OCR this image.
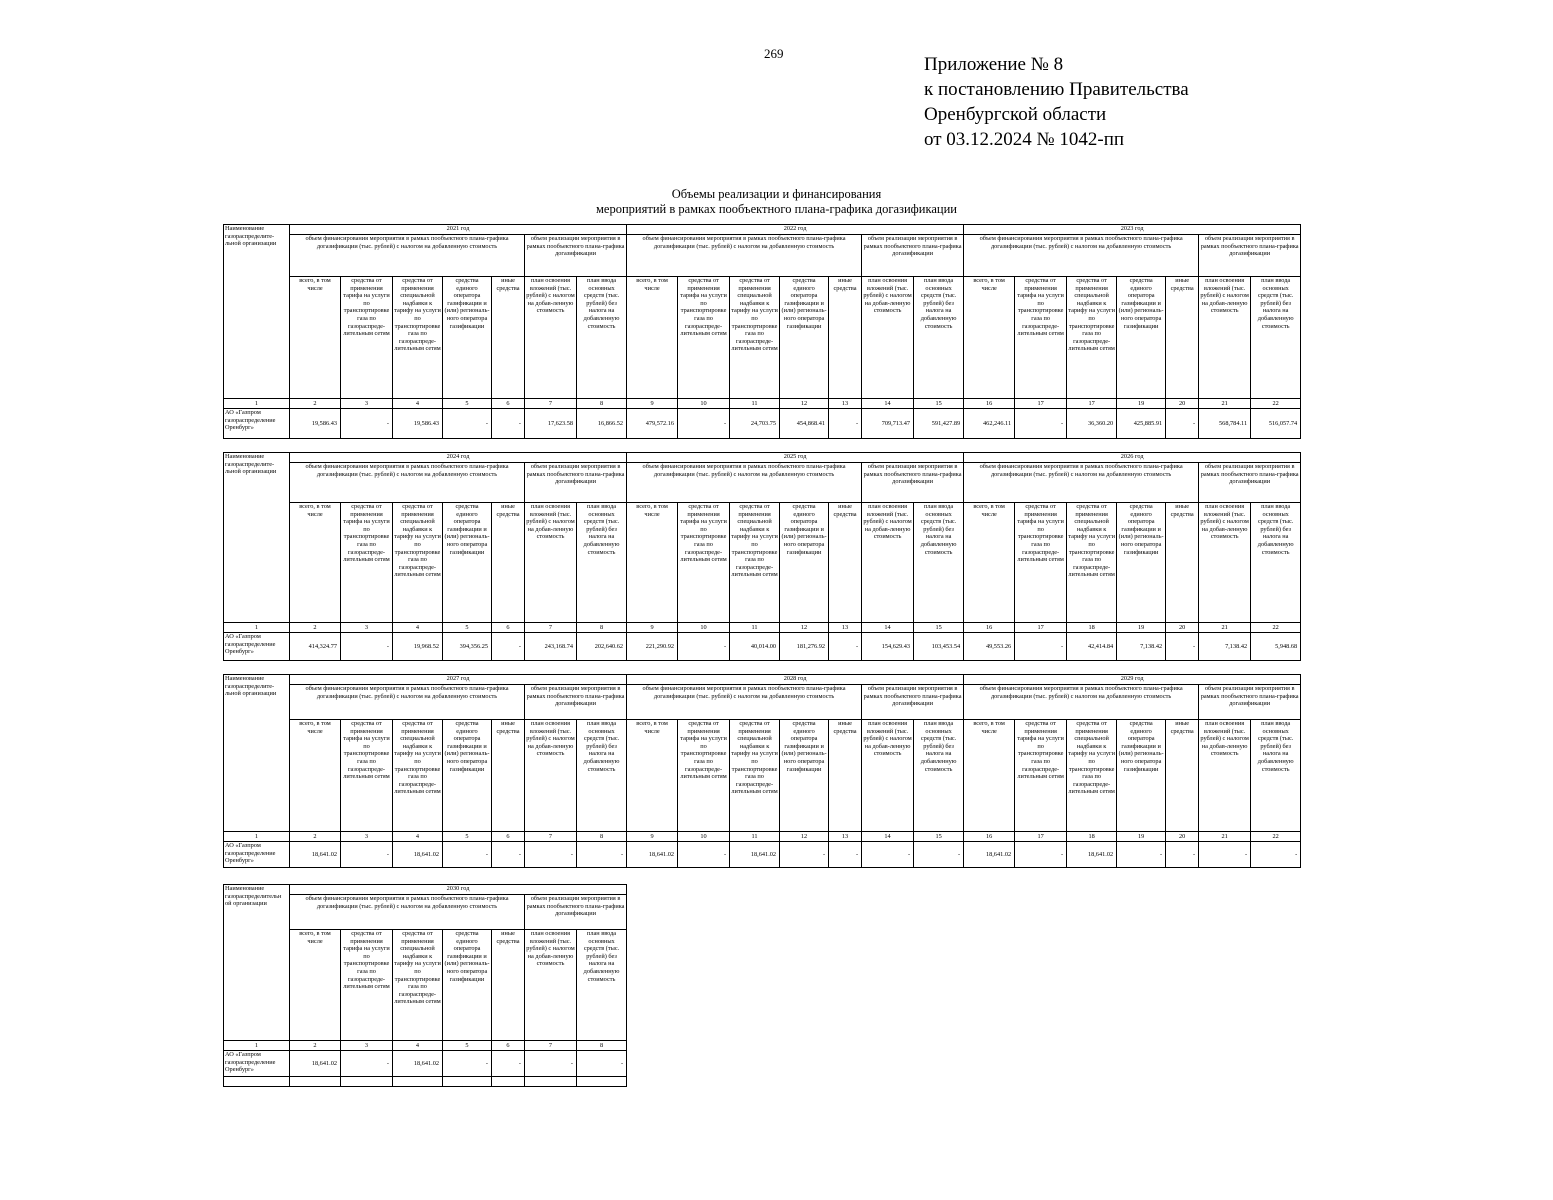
269
Приложение № 8
к постановлению Правительства
Оренбургской области
от 03.12.2024 № 1042-пп
Объемы реализации и финансирования
мероприятий в рамках пообъектного плана-графика догазификации
Наименование газораспределите-льной организации	2021 год							2022 год							2023 год						
	объем финансирования мероприятия в рамках пообъектного плана-графика догазификации (тыс. рублей) с налогом на добавленную стоимость					объем реализации мероприятия в рамках пообъектного плана-графика догазификации		объем финансирования мероприятия в рамках пообъектного плана-графика догазификации (тыс. рублей) с налогом на добавленную стоимость					объем реализации мероприятия в рамках пообъектного плана-графика догазификации		объем финансирования мероприятия в рамках пообъектного плана-графика догазификации (тыс. рублей) с налогом на добавленную стоимость					объем реализации мероприятия в рамках пообъектного плана-графика догазификации	
	всего, в том числе	средства от применения тарифа на услуги по транспортировке газа по газораспреде-лительным сетям	средства от применения специальной надбавки к тарифу на услуги по транспортировке газа по газораспреде-лительным сетям	средства единого оператора газификации и (или) региональ-ного оператора газификации	иные средства	план освоения вложений (тыс. рублей) с налогом на добав-ленную стоимость	план ввода основных средств (тыс. рублей) без налога на добавленную стоимость	всего, в том числе	средства от применения тарифа на услуги по транспортировке газа по газораспреде-лительным сетям	средства от применения специальной надбавки к тарифу на услуги по транспортировке газа по газораспреде-лительным сетям	средства единого оператора газификации и (или) региональ-ного оператора газификации	иные средства	план освоения вложений (тыс. рублей) с налогом на добав-ленную стоимость	план ввода основных средств (тыс. рублей) без налога на добавленную стоимость	всего, в том числе	средства от применения тарифа на услуги по транспортировке газа по газораспреде-лительным сетям	средства от применения специальной надбавки к тарифу на услуги по транспортировке газа по газораспреде-лительным сетям	средства единого оператора газификации и (или) региональ-ного оператора газификации	иные средства	план освоения вложений (тыс. рублей) с налогом на добав-ленную стоимость	план ввода основных средств (тыс. рублей) без налога на добавленную стоимость
1	2	3	4	5	6	7	8	9	10	11	12	13	14	15	16	17	17	19	20	21	22
АО «Газпром газораспределение Оренбург»	19,586.43	-	19,586.43	-	-	17,623.58	16,866.52	479,572.16	-	24,703.75	454,868.41	-	709,713.47	591,427.89	462,246.11	-	36,360.20	425,885.91	-	568,784.11	516,057.74
Наименование газораспределите-льной организации	2024 год							2025 год							2026 год						
	объем финансирования мероприятия в рамках пообъектного плана-графика догазификации (тыс. рублей) с налогом на добавленную стоимость					объем реализации мероприятия в рамках пообъектного плана-графика догазификации		объем финансирования мероприятия в рамках пообъектного плана-графика догазификации (тыс. рублей) с налогом на добавленную стоимость					объем реализации мероприятия в рамках пообъектного плана-графика догазификации		объем финансирования мероприятия в рамках пообъектного плана-графика догазификации (тыс. рублей) с налогом на добавленную стоимость					объем реализации мероприятия в рамках пообъектного плана-графика догазификации	
	всего, в том числе	средства от применения тарифа на услуги по транспортировке газа по газораспреде-лительным сетям	средства от применения специальной надбавки к тарифу на услуги по транспортировке газа по газораспреде-лительным сетям	средства единого оператора газификации и (или) региональ-ного оператора газификации	иные средства	план освоения вложений (тыс. рублей) с налогом на добав-ленную стоимость	план ввода основных средств (тыс. рублей) без налога на добавленную стоимость	всего, в том числе	средства от применения тарифа на услуги по транспортировке газа по газораспреде-лительным сетям	средства от применения специальной надбавки к тарифу на услуги по транспортировке газа по газораспреде-лительным сетям	средства единого оператора газификации и (или) региональ-ного оператора газификации	иные средства	план освоения вложений (тыс. рублей) с налогом на добав-ленную стоимость	план ввода основных средств (тыс. рублей) без налога на добавленную стоимость	всего, в том числе	средства от применения тарифа на услуги по транспортировке газа по газораспреде-лительным сетям	средства от применения специальной надбавки к тарифу на услуги по транспортировке газа по газораспреде-лительным сетям	средства единого оператора газификации и (или) региональ-ного оператора газификации	иные средства	план освоения вложений (тыс. рублей) с налогом на добав-ленную стоимость	план ввода основных средств (тыс. рублей) без налога на добавленную стоимость
1	2	3	4	5	6	7	8	9	10	11	12	13	14	15	16	17	18	19	20	21	22
АО «Газпром газораспределение Оренбург»	414,324.77	-	19,968.52	394,356.25	-	243,168.74	202,640.62	221,290.92	-	40,014.00	181,276.92	-	154,629.43	103,453.54	49,553.26	-	42,414.84	7,138.42	-	7,138.42	5,948.68
Наименование газораспределите-льной организации	2027 год							2028 год							2029 год						
	объем финансирования мероприятия в рамках пообъектного плана-графика догазификации (тыс. рублей) с налогом на добавленную стоимость					объем реализации мероприятия в рамках пообъектного плана-графика догазификации		объем финансирования мероприятия в рамках пообъектного плана-графика догазификации (тыс. рублей) с налогом на добавленную стоимость					объем реализации мероприятия в рамках пообъектного плана-графика догазификации		объем финансирования мероприятия в рамках пообъектного плана-графика догазификации (тыс. рублей) с налогом на добавленную стоимость					объем реализации мероприятия в рамках пообъектного плана-графика догазификации	
	всего, в том числе	средства от применения тарифа на услуги по транспортировке газа по газораспреде-лительным сетям	средства от применения специальной надбавки к тарифу на услуги по транспортировке газа по газораспреде-лительным сетям	средства единого оператора газификации и (или) региональ-ного оператора газификации	иные средства	план освоения вложений (тыс. рублей) с налогом на добав-ленную стоимость	план ввода основных средств (тыс. рублей) без налога на добавленную стоимость	всего, в том числе	средства от применения тарифа на услуги по транспортировке газа по газораспреде-лительным сетям	средства от применения специальной надбавки к тарифу на услуги по транспортировке газа по газораспреде-лительным сетям	средства единого оператора газификации и (или) региональ-ного оператора газификации	иные средства	план освоения вложений (тыс. рублей) с налогом на добав-ленную стоимость	план ввода основных средств (тыс. рублей) без налога на добавленную стоимость	всего, в том числе	средства от применения тарифа на услуги по транспортировке газа по газораспреде-лительным сетям	средства от применения специальной надбавки к тарифу на услуги по транспортировке газа по газораспреде-лительным сетям	средства единого оператора газификации и (или) региональ-ного оператора газификации	иные средства	план освоения вложений (тыс. рублей) с налогом на добав-ленную стоимость	план ввода основных средств (тыс. рублей) без налога на добавленную стоимость
1	2	3	4	5	6	7	8	9	10	11	12	13	14	15	16	17	18	19	20	21	22
АО «Газпром газораспределение Оренбург»	18,641.02	-	18,641.02	-	-	-	-	18,641.02	-	18,641.02	-	-	-	-	18,641.02	-	18,641.02	-	-	-	-
Наименование газораспределительн ой организации	2030 год						
	объем финансирования мероприятия в рамках пообъектного плана-графика догазификации (тыс. рублей) с налогом на добавленную стоимость					объем реализации мероприятия в рамках пообъектного плана-графика догазификации	
	всего, в том числе	средства от применения тарифа на услуги по транспортировке газа по газораспреде-лительным сетям	средства от применения специальной надбавки к тарифу на услуги по транспортировке газа по газораспреде-лительным сетям	средства единого оператора газификации и (или) региональ-ного оператора газификации	иные средства	план освоения вложений (тыс. рублей) с налогом на добав-ленную стоимость	план ввода основных средств (тыс. рублей) без налога на добавленную стоимость
1	2	3	4	5	6	7	8
АО «Газпром газораспределение Оренбург»	18,641.02	-	18,641.02	-	-	-	-
